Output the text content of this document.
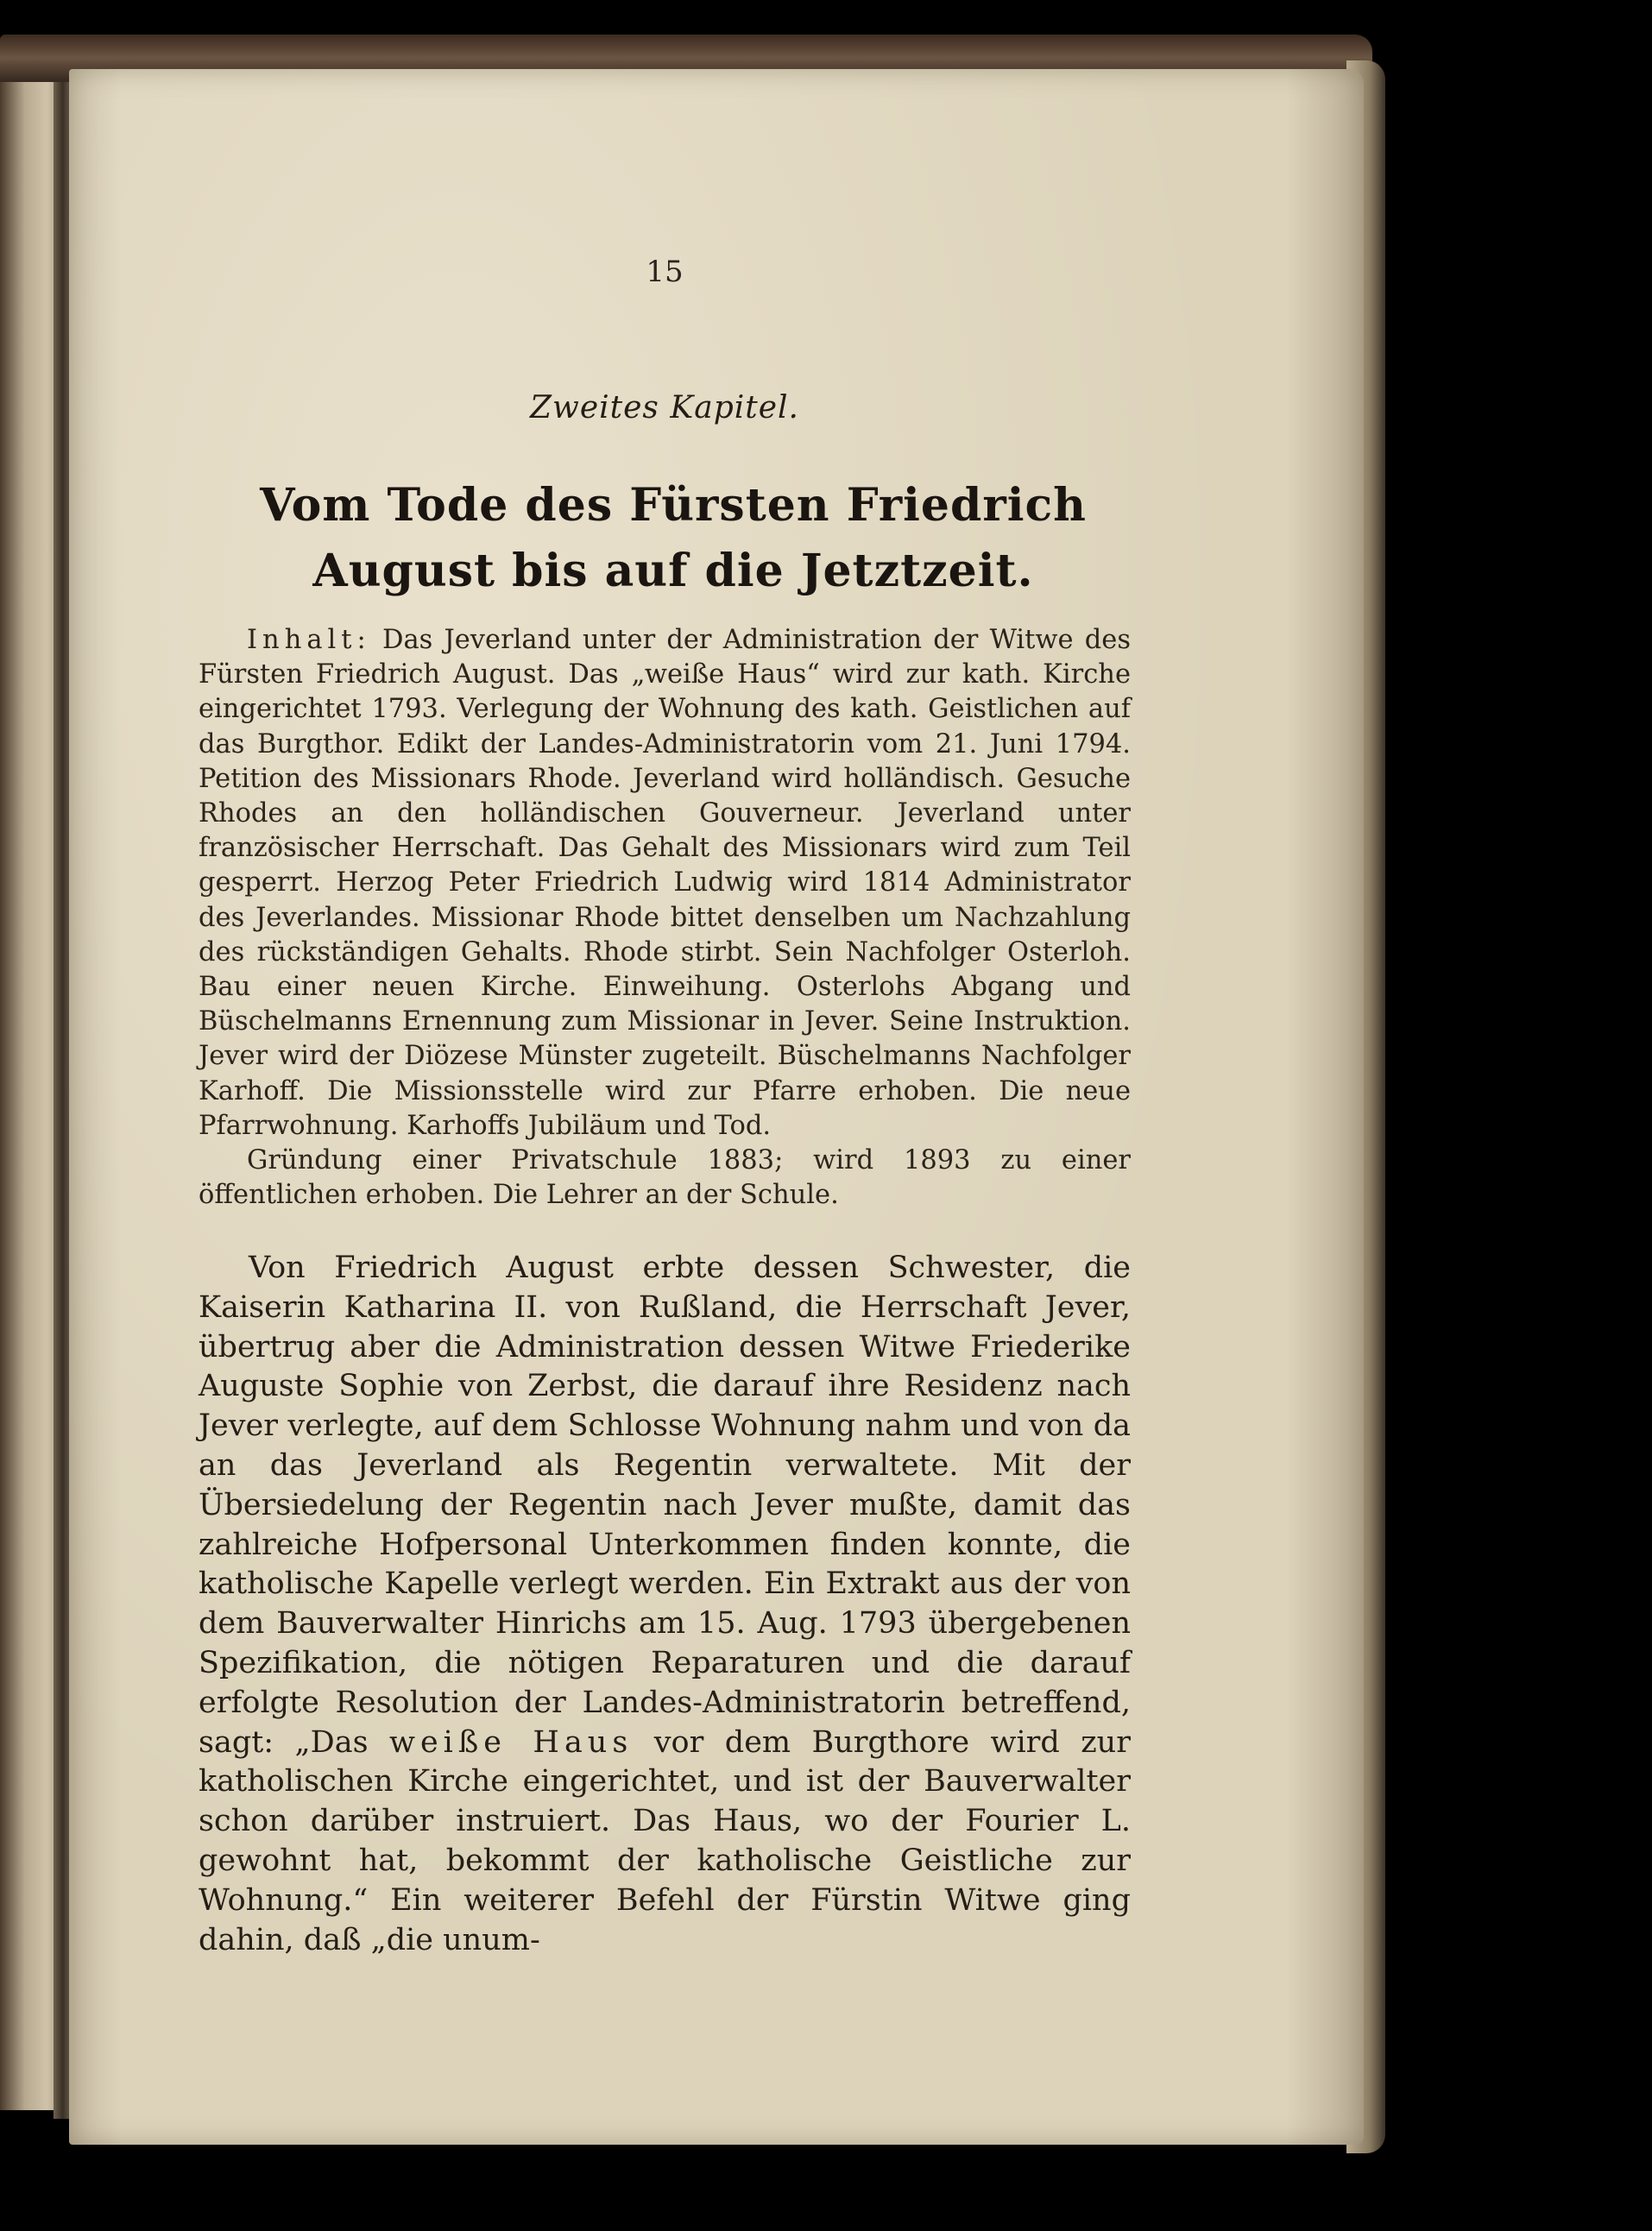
15
Zweites Kapitel.
Vom Tode des Fürsten Friedrich August bis auf die Jetztzeit.

Inhalt: Das Jeverland unter der Administration der Witwe des Fürsten Friedrich August. Das „weiße Haus“ wird zur kath. Kirche eingerichtet 1793. Verlegung der Wohnung des kath. Geistlichen auf das Burgthor. Edikt der Landes-Administratorin vom 21. Juni 1794. Petition des Missionars Rhode. Jeverland wird holländisch. Gesuche Rhodes an den holländischen Gouverneur. Jeverland unter französischer Herrschaft. Das Gehalt des Missionars wird zum Teil gesperrt. Herzog Peter Friedrich Ludwig wird 1814 Administrator des Jeverlandes. Missionar Rhode bittet denselben um Nachzahlung des rückständigen Gehalts. Rhode stirbt. Sein Nachfolger Osterloh. Bau einer neuen Kirche. Einweihung. Osterlohs Abgang und Büschelmanns Ernennung zum Missionar in Jever. Seine Instruktion. Jever wird der Diözese Münster zugeteilt. Büschelmanns Nachfolger Karhoff. Die Missionsstelle wird zur Pfarre erhoben. Die neue Pfarrwohnung. Karhoffs Jubiläum und Tod.

Gründung einer Privatschule 1883; wird 1893 zu einer öffentlichen erhoben. Die Lehrer an der Schule.

Von Friedrich August erbte dessen Schwester, die Kaiserin Katharina II. von Rußland, die Herrschaft Jever, übertrug aber die Administration dessen Witwe Friederike Auguste Sophie von Zerbst, die darauf ihre Residenz nach Jever verlegte, auf dem Schlosse Wohnung nahm und von da an das Jeverland als Regentin verwaltete. Mit der Übersiedelung der Regentin nach Jever mußte, damit das zahlreiche Hofpersonal Unterkommen finden konnte, die katholische Kapelle verlegt werden. Ein Extrakt aus der von dem Bauverwalter Hinrichs am 15. Aug. 1793 übergebenen Spezifikation, die nötigen Reparaturen und die darauf erfolgte Resolution der Landes-Administratorin betreffend, sagt: „Das weiße Haus vor dem Burgthore wird zur katholischen Kirche eingerichtet, und ist der Bauverwalter schon darüber instruiert. Das Haus, wo der Fourier L. gewohnt hat, bekommt der katholische Geistliche zur Wohnung.“ Ein weiterer Befehl der Fürstin Witwe ging dahin, daß „die unum-
